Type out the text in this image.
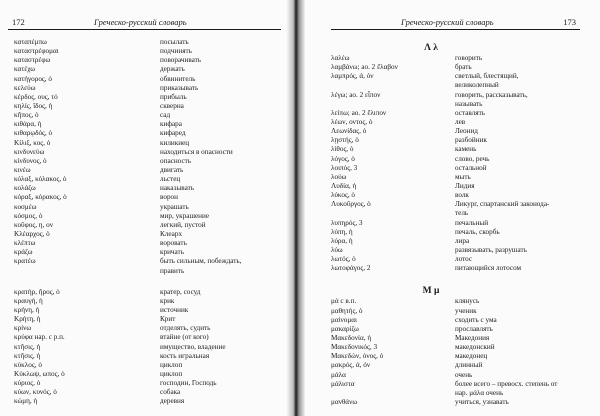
172	Греческо-русский словарь
καταπέμπω	посылать
καταστρέφομαι	подчинять
καταστρέφω	поворачивать
κατέχω	держать
κατήγορος, ὁ	обвинитель
κελεύω	приказывать
κέρδος, ους, τό	прибыль
κηλίς, ῖδος, ἡ	скверна
κῆπος, ὁ	сад
κιθάρα, ἡ	кифара
κιθαρῳδός, ὁ	кифаред
Κίλιξ, κος, ὁ	киликиец
κινδυνεύω	находиться в опасности
κίνδυνος, ὁ	опасность
κινέω	двигать
κόλαξ, κόλακος, ὁ	льстец
κολάζω	наказывать
κόραξ, κόρακος, ὁ	ворон
κοσμέω	украшать
κόσμος, ὁ	мир, украшение
κοῦφος, η, ον	легкий, пустой
Κλέαρχος, ὁ	Клеарх
κλέπτω	воровать
κράζω	кричать
κρατέω	быть сильным, побеждать,
править
κρατήρ, ῆρος, ὁ	кратер, сосуд
κραυγή, ἡ	крик
κρήνη, ἡ	источник
Κρήτη, ἡ	Крит
κρίνω	отделять, судить
κρύφα нар. с р.п.	втайне (от кого)
κτῆσις, ἡ	имущество, владение
κτῆσις, ἡ	кость игральная
κύκλος, ὁ	циклоп
Κύκλωψ, ωπος, ὁ	циклоп
κύριος, ὁ	господин, Господь
κύων, κυνός, ὁ	собака
κώμη, ἡ	деревня
Греческо-русский словарь	173
Λ λ
λαλέω	говорить
λαμβάνω; ао. 2 ἔλαβον	брать
λαμπρός, ά, όν	светлый, блестящий,
великолепный
λέγω; ао. 2 εἶπον	говорить, рассказывать,
называть
λείπω; ао. 2 ἔλιπον	оставлять
λέων, οντος, ὁ	лев
Λεωνίδας, ὁ	Леонид
λῃστής, ὁ	разбойник
λίθος, ὁ	камень
λόγος, ὁ	слово, речь
λοιπός, 3	остальной
λούω	мыть
Λυδία, ἡ	Лидия
λύκος, ὁ	волк
Λυκοῦργος, ὁ	Ликург, спартанский законода-
тель
λυπηρός, 3	печальный
λύπη, ἡ	печаль, скорбь
λύρα, ἡ	лира
λύω	развязывать, разрушать
λωτός, ὁ	лотос
λωτοφάγος, 2	питающийся лотосом
Μ μ
μά с в.п.	клянусь
μαθητής, ὁ	ученик
μαίνομαι	сходить с ума
μακαρίζω	прославлять
Μακεδονία, ἡ	Македония
Μακεδονικός, 3	македонский
Μακεδών, όνος, ὁ	македонец
μακρός, ά, όν	длинный
μάλα	очень
μάλιστα	более всего – превосх. степень от
нар. μάλα очень
μανθάνω	учиться, узнавать
